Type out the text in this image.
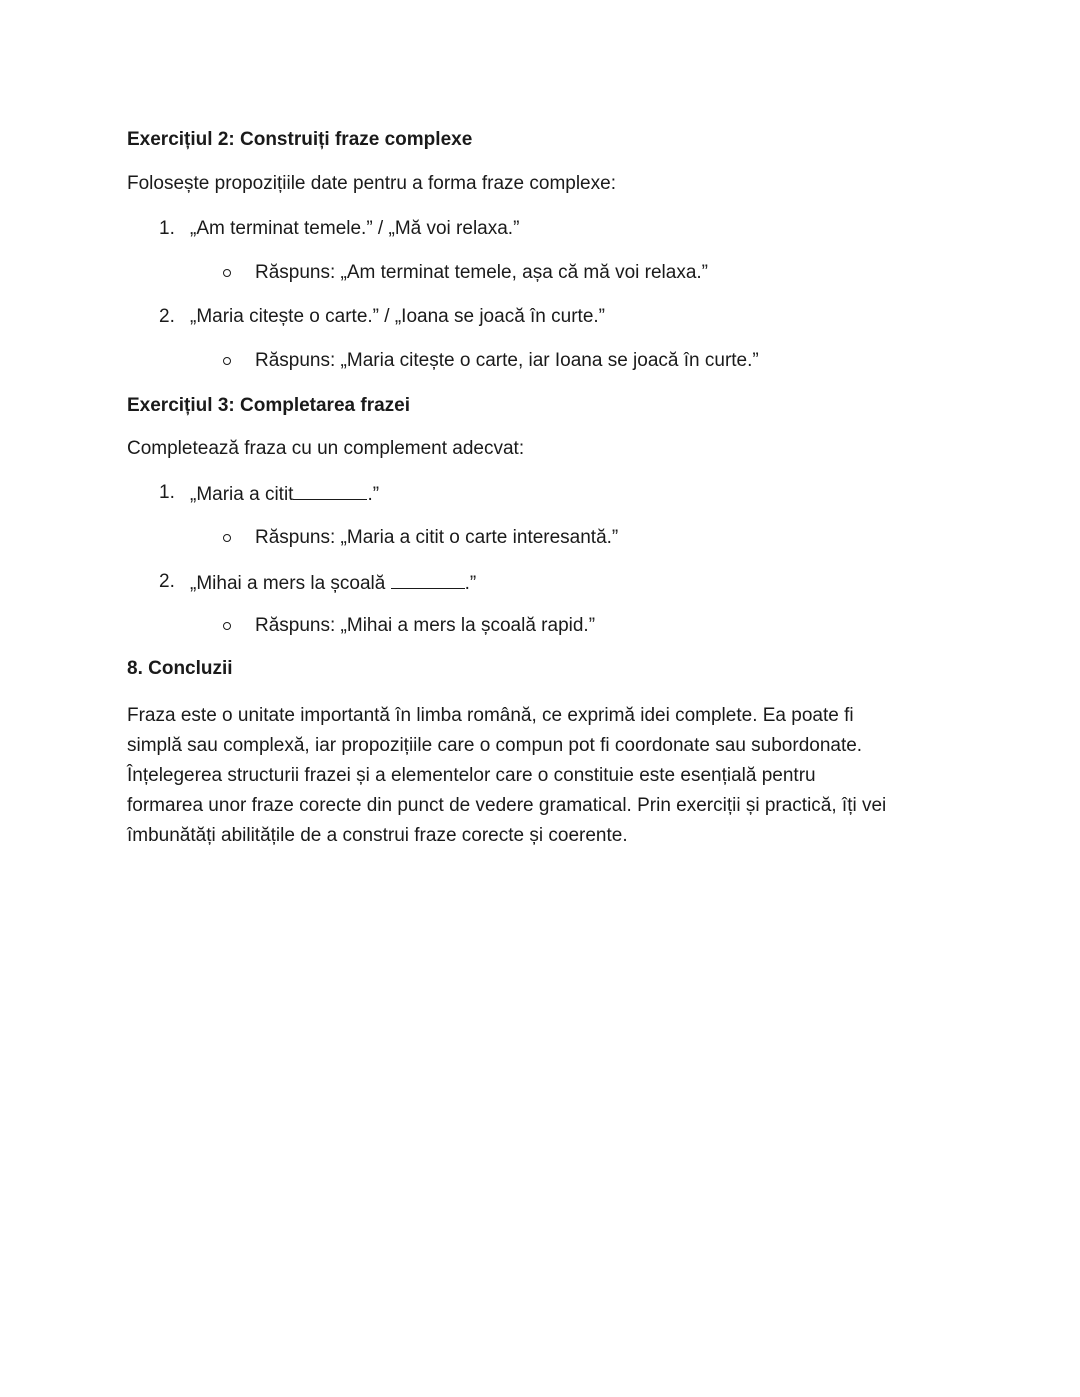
Exercițiul 2: Construiți fraze complexe
Folosește propozițiile date pentru a forma fraze complexe:
1. „Am terminat temele.” / „Mă voi relaxa.”
Răspuns: „Am terminat temele, așa că mă voi relaxa.”
2. „Maria citește o carte.” / „Ioana se joacă în curte.”
Răspuns: „Maria citește o carte, iar Ioana se joacă în curte.”
Exercițiul 3: Completarea frazei
Completează fraza cu un complement adecvat:
1. „Maria a citit	.”
Răspuns: „Maria a citit o carte interesantă.”
2. „Mihai a mers la școală	.”
Răspuns: „Mihai a mers la școală rapid.”
8. Concluzii
Fraza este o unitate importantă în limba română, ce exprimă idei complete. Ea poate fi
simplă sau complexă, iar propozițiile care o compun pot fi coordonate sau subordonate.
Înțelegerea structurii frazei și a elementelor care o constituie este esențială pentru
formarea unor fraze corecte din punct de vedere gramatical. Prin exerciții și practică, îți vei
îmbunătăți abilitățile de a construi fraze corecte și coerente.
